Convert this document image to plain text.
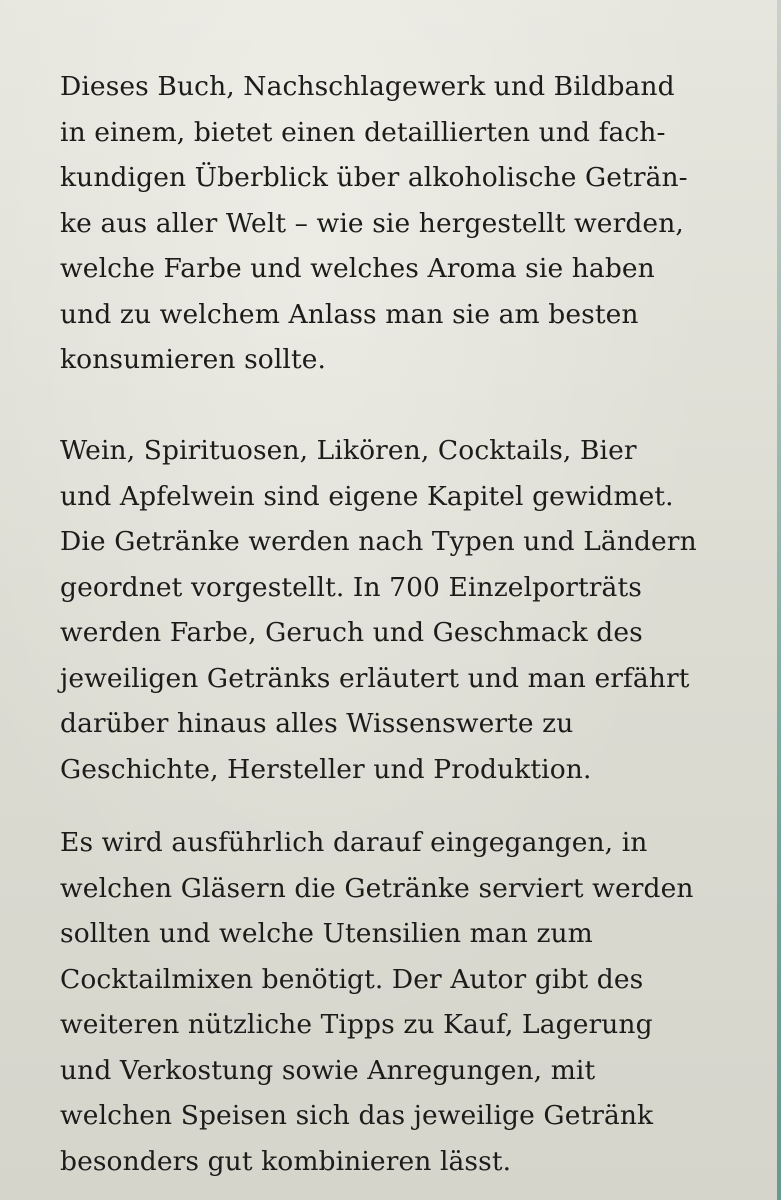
Dieses Buch, Nachschlagewerk und Bildband
in einem, bietet einen detaillierten und fach-
kundigen Überblick über alkoholische Geträn-
ke aus aller Welt – wie sie hergestellt werden,
welche Farbe und welches Aroma sie haben
und zu welchem Anlass man sie am besten
konsumieren sollte.
Wein, Spirituosen, Likören, Cocktails, Bier
und Apfelwein sind eigene Kapitel gewidmet.
Die Getränke werden nach Typen und Ländern
geordnet vorgestellt. In 700 Einzelporträts
werden Farbe, Geruch und Geschmack des
jeweiligen Getränks erläutert und man erfährt
darüber hinaus alles Wissenswerte zu
Geschichte, Hersteller und Produktion.
Es wird ausführlich darauf eingegangen, in
welchen Gläsern die Getränke serviert werden
sollten und welche Utensilien man zum
Cocktailmixen benötigt. Der Autor gibt des
weiteren nützliche Tipps zu Kauf, Lagerung
und Verkostung sowie Anregungen, mit
welchen Speisen sich das jeweilige Getränk
besonders gut kombinieren lässt.
